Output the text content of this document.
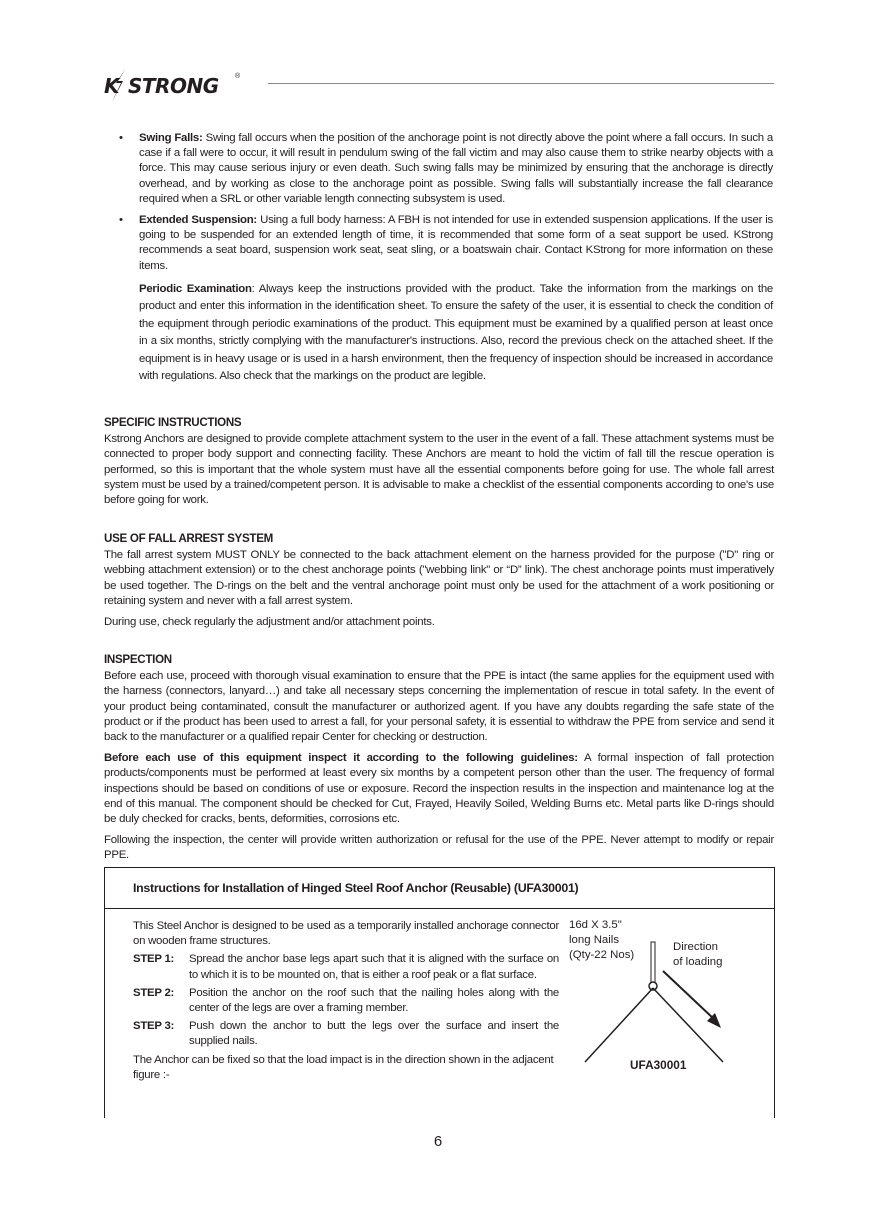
K STRONG ®
• Swing Falls: Swing fall occurs when the position of the anchorage point is not directly above the point where a fall occurs. In such a case if a fall were to occur, it will result in pendulum swing of the fall victim and may also cause them to strike nearby objects with a force. This may cause serious injury or even death. Such swing falls may be minimized by ensuring that the anchorage is directly overhead, and by working as close to the anchorage point as possible. Swing falls will substantially increase the fall clearance required when a SRL or other variable length connecting subsystem is used.
• Extended Suspension: Using a full body harness: A FBH is not intended for use in extended suspension applications. If the user is going to be suspended for an extended length of time, it is recommended that some form of a seat support be used. KStrong recommends a seat board, suspension work seat, seat sling, or a boatswain chair. Contact KStrong for more information on these items.
Periodic Examination: Always keep the instructions provided with the product. Take the information from the markings on the product and enter this information in the identification sheet. To ensure the safety of the user, it is essential to check the condition of the equipment through periodic examinations of the product. This equipment must be examined by a qualified person at least once in a six months, strictly complying with the manufacturer's instructions. Also, record the previous check on the attached sheet. If the equipment is in heavy usage or is used in a harsh environment, then the frequency of inspection should be increased in accordance with regulations. Also check that the markings on the product are legible.
SPECIFIC INSTRUCTIONS

Kstrong Anchors are designed to provide complete attachment system to the user in the event of a fall. These attachment systems must be connected to proper body support and connecting facility. These Anchors are meant to hold the victim of fall till the rescue operation is performed, so this is important that the whole system must have all the essential components before going for use. The whole fall arrest system must be used by a trained/competent person. It is advisable to make a checklist of the essential components according to one's use before going for work.

USE OF FALL ARREST SYSTEM

The fall arrest system MUST ONLY be connected to the back attachment element on the harness provided for the purpose ("D" ring or webbing attachment extension) or to the chest anchorage points ("webbing link" or “D” link). The chest anchorage points must imperatively be used together. The D-rings on the belt and the ventral anchorage point must only be used for the attachment of a work positioning or retaining system and never with a fall arrest system.

During use, check regularly the adjustment and/or attachment points.

INSPECTION

Before each use, proceed with thorough visual examination to ensure that the PPE is intact (the same applies for the equipment used with the harness (connectors, lanyard…) and take all necessary steps concerning the implementation of rescue in total safety. In the event of your product being contaminated, consult the manufacturer or authorized agent. If you have any doubts regarding the safe state of the product or if the product has been used to arrest a fall, for your personal safety, it is essential to withdraw the PPE from service and send it back to the manufacturer or a qualified repair Center for checking or destruction.

Before each use of this equipment inspect it according to the following guidelines: A formal inspection of fall protection products/components must be performed at least every six months by a competent person other than the user. The frequency of formal inspections should be based on conditions of use or exposure. Record the inspection results in the inspection and maintenance log at the end of this manual. The component should be checked for Cut, Frayed, Heavily Soiled, Welding Burns etc. Metal parts like D-rings should be duly checked for cracks, bents, deformities, corrosions etc.

Following the inspection, the center will provide written authorization or refusal for the use of the PPE. Never attempt to modify or repair PPE.

Instructions for Installation of Hinged Steel Roof Anchor (Reusable) (UFA30001)

This Steel Anchor is designed to be used as a temporarily installed anchorage connector on wooden frame structures.

STEP 1:	Spread the anchor base legs apart such that it is aligned with the surface on to which it is to be mounted on, that is either a roof peak or a flat surface.
STEP 2:	Position the anchor on the roof such that the nailing holes along with the center of the legs are over a framing member.
STEP 3:	Push down the anchor to butt the legs over the surface and insert the supplied nails.

The Anchor can be fixed so that the load impact is in the direction shown in the adjacent figure :-

16d X 3.5"
long Nails
(Qty-22 Nos)
Direction
of loading
UFA30001
6
